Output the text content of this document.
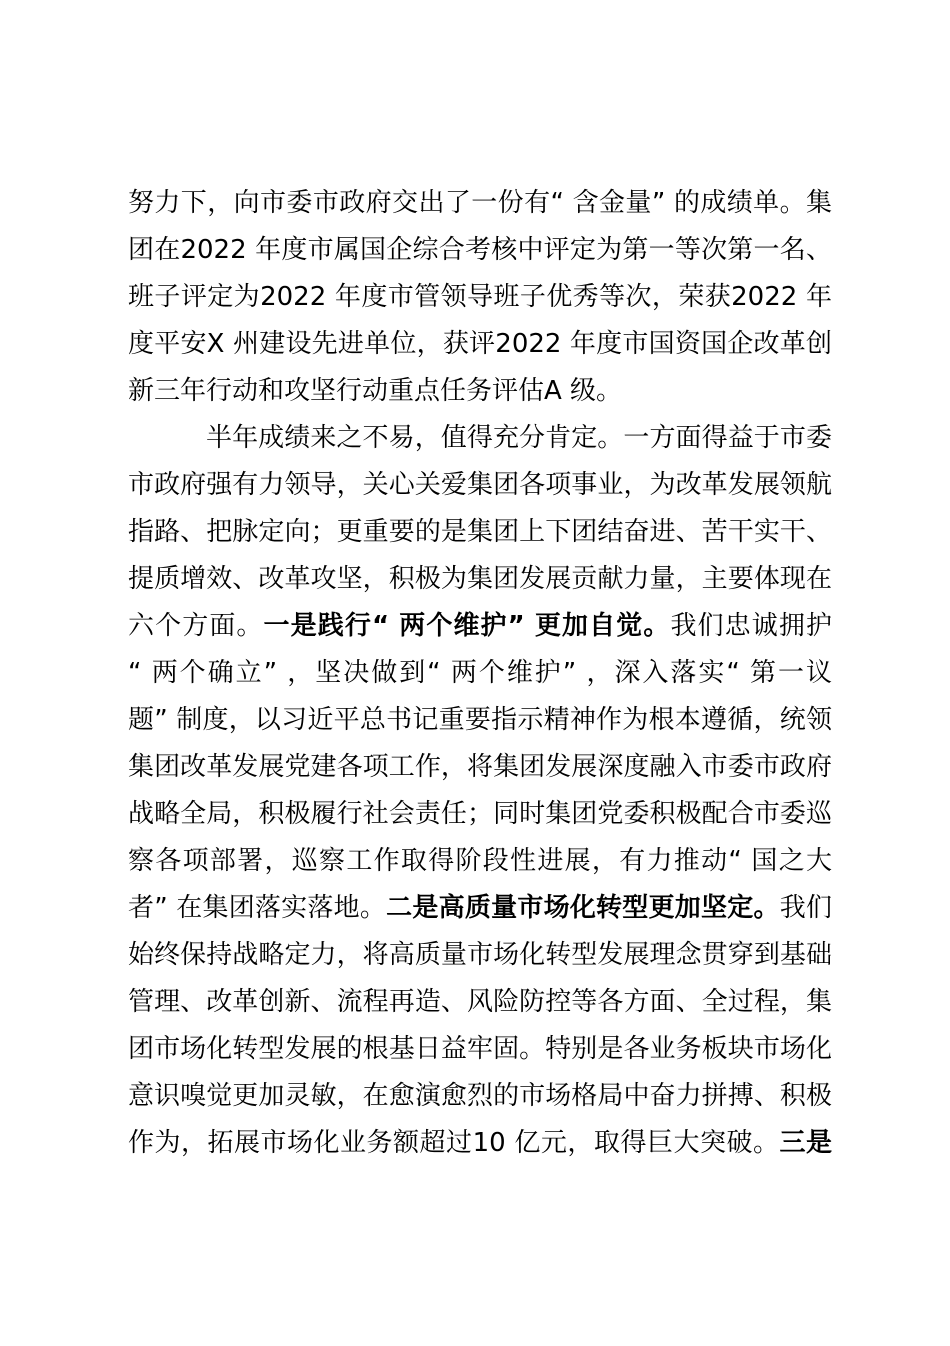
努力下，向市委市政府交出了一份有“ 含金量” 的成绩单。集
团在2022 年度市属国企综合考核中评定为第一等次第一名、
班子评定为2022 年度市管领导班子优秀等次，荣获2022 年
度平安X 州建设先进单位，获评2022 年度市国资国企改革创
新三年行动和攻坚行动重点任务评估A 级。
半年成绩来之不易，值得充分肯定。一方面得益于市委
市政府强有力领导，关心关爱集团各项事业，为改革发展领航
指路、把脉定向；更重要的是集团上下团结奋进、苦干实干、
提质增效、改革攻坚，积极为集团发展贡献力量，主要体现在
六个方面。一是践行“ 两个维护” 更加自觉。我们忠诚拥护
“ 两个确立” ，坚决做到“ 两个维护” ，深入落实“ 第一议
题” 制度，以习近平总书记重要指示精神作为根本遵循，统领
集团改革发展党建各项工作，将集团发展深度融入市委市政府
战略全局，积极履行社会责任；同时集团党委积极配合市委巡
察各项部署，巡察工作取得阶段性进展，有力推动“ 国之大
者” 在集团落实落地。二是高质量市场化转型更加坚定。我们
始终保持战略定力，将高质量市场化转型发展理念贯穿到基础
管理、改革创新、流程再造、风险防控等各方面、全过程，集
团市场化转型发展的根基日益牢固。特别是各业务板块市场化
意识嗅觉更加灵敏，在愈演愈烈的市场格局中奋力拼搏、积极
作为，拓展市场化业务额超过10 亿元，取得巨大突破。三是
